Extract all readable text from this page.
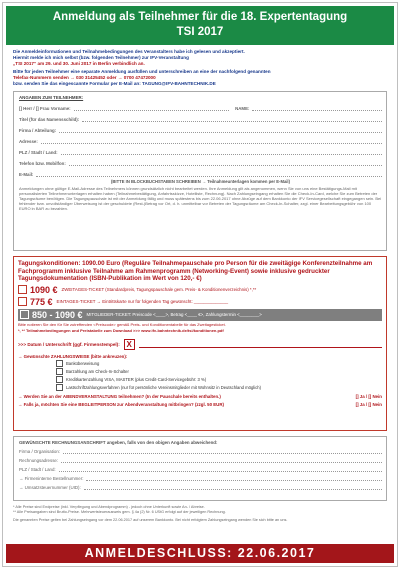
Anmeldung als Teilnehmer für die 18. Expertentagung
TSI 2017
Die Anmeldeinformationen und Teilnahmebedingungen des Veranstalters habe ich gelesen und akzeptiert.
Hiermit melde ich mich selbst (bzw. folgenden Teilnehmer) zur IFV-Veranstaltung
„TSI 2017“ am 29. und 30. Juni 2017 in Berlin verbindlich an.
Bitte für jeden Teilnehmer eine separate Anmeldung ausfüllen und unterschreiben an eine der nachfolgend genannten
Telefax-Nummern senden → 030 31425452 oder → 0700 47472000
bzw. senden Sie das eingescannte Formular per E-Mail an: TAGUNG@IFV-BAHNTECHNIK.DE
ANGABEN ZUM TEILNEHMER:
[] Herr / [] Frau Vorname:	NAME:
Titel (für das Namensschild):
Firma / Abteilung:
Adresse:
PLZ / Stadt / Land:
Telefon bzw. Mobilfon:
E-Mail:
(BITTE IN BLOCKBUCHSTABEN SCHREIBEN → Teilnahmeunterlagen kommen per E-Mail)
Anmeldungen ohne gültige E-Mail-Adresse des Teilnehmers können grundsätzlich nicht bearbeitet werden. Ihre Anmeldung gilt als angenommen, wenn Sie von uns eine Bestätigungs-Mail mit personalisierten Teilnehmerunterlagen erhalten haben (Teilnahmebestätigung, Anfahrtsskizze, Hotelliste, Rechnung). Nach Zahlungseingang erhalten Sie die Check-In-Card, welche Sie zum Betreten der Tagungsräume benötigen. Die Tagungspauschale ist mit der Anmeldung fällig und muss spätestens bis zum 22.06.2017 ohne Abzüge auf dem Bankkonto der IFV Servicegesellschaft eingegangen sein. Bei fehlender bzw. unvollständiger Überweisung ist der geschuldete (Rest-)Betrag vor Ort, d. h. unmittelbar vor Betreten der Tagungsräume am Check-In-Schalter, zzgl. einer Bearbeitungsgebühr von 100 EURO in BAR zu bezahlen.
Tagungskonditionen: 1090.00 Euro (Reguläre Teilnahmepauschale pro Person für die zweitägige Konferenzteilnahme am Fachprogramm inklusive Teilnahme am Rahmenprogramm (Networking-Event) sowie inklusive gedruckter Tagungsdokumentation (ISBN-Publikation im Wert von 120,- €)
1090 € ZWEITAGES-TICKET (Standardpreis, Tagungspauschale gem. Preis- & Konditionenverzeichnis) *,**
775 € EINTAGES-TICKET → Eintrittskarte nur für folgenden Tag gewünscht: ______________
850 - 1090 € MITGLIEDER-TICKET: Preiscode <____>, Betrag <____ €>, Zahlungstermin <________>
Bitte notieren Sie den für Sie zutreffenden <Preiscode> gemäß Preis- und Konditionentabelle für das Zweitagesticket.
*, ** Teilnahmebedingungen und Preistabelle zum Download >>> www.ifv-bahntechnik.de/tsi/konditionen.pdf
>>> Datum / Unterschrift (ggf. Firmenstempel): X
→ Gewünschte ZAHLUNGSWEISE (bitte ankreuzen):
Banküberweisung
Barzahlung am Check-In-Schalter
Kreditkartenzahlung VISA, MASTER (plus Credit-Card-Servicegebühr: 3 %)
Lastschriftzahlungsverfahren (nur für persönliche Vereinsmitglieder mit Wohnsitz in Deutschland möglich)
→ Werden Sie an der ABENDVERANSTALTUNG teilnehmen? (In der Pauschale bereits enthalten.)	[] Ja / [] Nein
→ Falls ja, möchten Sie eine BEGLEITPERSON zur Abendveranstaltung mitbringen? (zzgl. 50 EUR)	[] Ja / [] Nein
GEWÜNSCHTE RECHNUNGSANSCHRIFT angeben, falls von den obigen Angaben abweichend:
Firma / Organisation:
Rechnungsadresse:
PLZ / Stadt / Land:
→ Firmeninterne Bestellnummer:
→ Umsatzsteuernummer (UID):
* Alle Preise sind Endpreise (inkl. Verpflegung und Abendprogramm) - jedoch ohne Unterkunft sowie An- / Abreise.
** Alle Preisangaben sind Brutto-Preise. Mehrwertsteuerausweis gem. § 4a (2) Nr. 6 UStG erfolgt auf der jeweiligen Rechnung.
Die genannten Preise gelten bei Zahlungseingang vor dem 22.06.2017 auf unserem Bankkonto. Bei nicht erfolgtem Zahlungseingang wenden Sie sich bitte an uns.
ANMELDESCHLUSS: 22.06.2017
